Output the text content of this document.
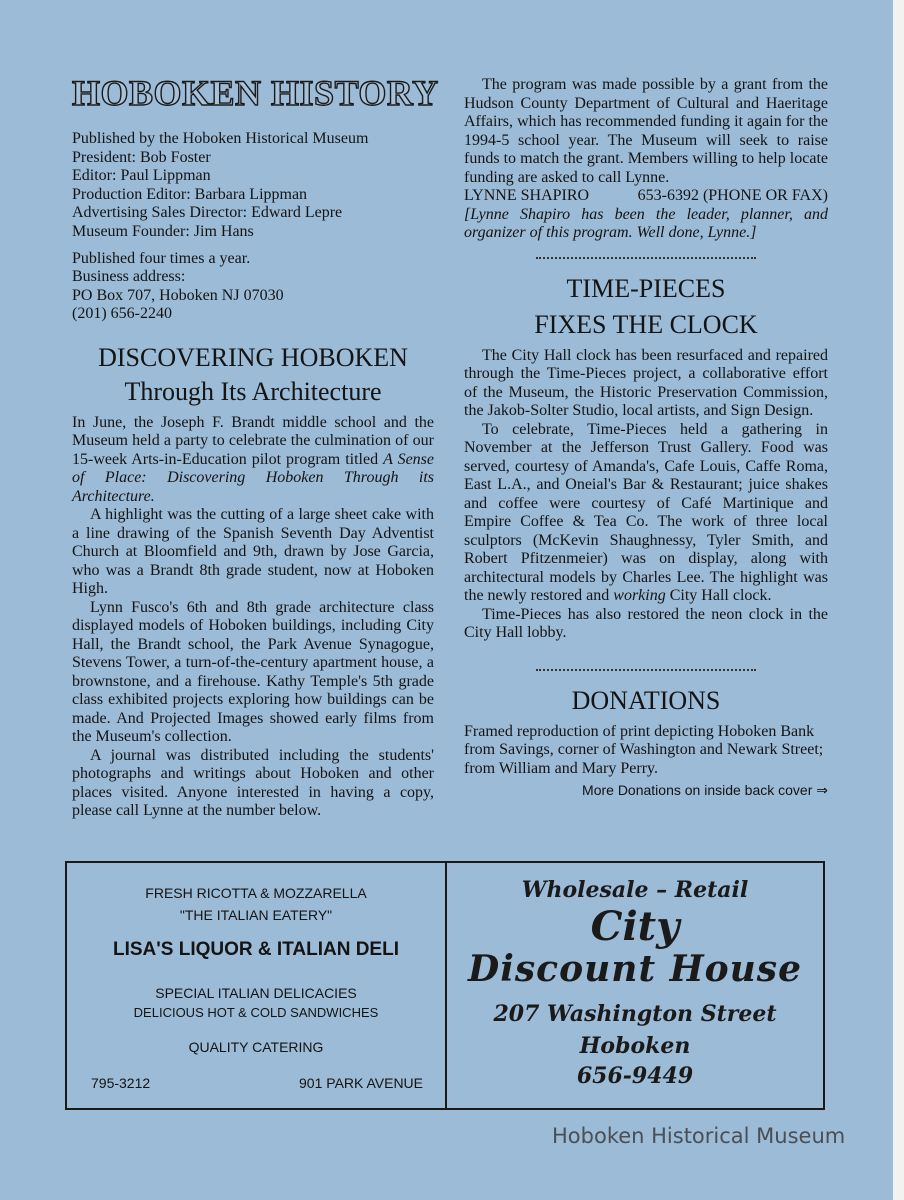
HOBOKEN HISTORY
Published by the Hoboken Historical Museum
President: Bob Foster
Editor: Paul Lippman
Production Editor: Barbara Lippman
Advertising Sales Director: Edward Lepre
Museum Founder: Jim Hans
Published four times a year.
Business address:
PO Box 707, Hoboken NJ 07030
(201) 656-2240
DISCOVERING HOBOKEN
Through Its Architecture

In June, the Joseph F. Brandt middle school and the Museum held a party to celebrate the culmination of our 15-week Arts-in-Education pilot program titled A Sense of Place: Discovering Hoboken Through its Architecture.

A highlight was the cutting of a large sheet cake with a line drawing of the Spanish Seventh Day Adventist Church at Bloomfield and 9th, drawn by Jose Garcia, who was a Brandt 8th grade student, now at Hoboken High.

Lynn Fusco's 6th and 8th grade architecture class displayed models of Hoboken buildings, including City Hall, the Brandt school, the Park Avenue Synagogue, Stevens Tower, a turn-of-the-century apartment house, a brownstone, and a firehouse. Kathy Temple's 5th grade class exhibited projects exploring how buildings can be made. And Projected Images showed early films from the Museum's collection.

A journal was distributed including the students' photographs and writings about Hoboken and other places visited. Anyone interested in having a copy, please call Lynne at the number below.

The program was made possible by a grant from the Hudson County Department of Cultural and Haeritage Affairs, which has recommended funding it again for the 1994-5 school year. The Museum will seek to raise funds to match the grant. Members willing to help locate funding are asked to call Lynne.

LYNNE SHAPIRO	653-6392 (PHONE OR FAX)

[Lynne Shapiro has been the leader, planner, and organizer of this program. Well done, Lynne.]

TIME-PIECES
FIXES THE CLOCK

The City Hall clock has been resurfaced and repaired through the Time-Pieces project, a collaborative effort of the Museum, the Historic Preservation Commission, the Jakob-Solter Studio, local artists, and Sign Design.

To celebrate, Time-Pieces held a gathering in November at the Jefferson Trust Gallery. Food was served, courtesy of Amanda's, Cafe Louis, Caffe Roma, East L.A., and Oneial's Bar & Restaurant; juice shakes and coffee were courtesy of Café Martinique and Empire Coffee & Tea Co. The work of three local sculptors (McKevin Shaughnessy, Tyler Smith, and Robert Pfitzenmeier) was on display, along with architectural models by Charles Lee. The highlight was the newly restored and working City Hall clock.

Time-Pieces has also restored the neon clock in the City Hall lobby.

DONATIONS

Framed reproduction of print depicting Hoboken Bank from Savings, corner of Washington and Newark Street; from William and Mary Perry.

More Donations on inside back cover ⇒
FRESH RICOTTA & MOZZARELLA
"THE ITALIAN EATERY"
LISA'S LIQUOR & ITALIAN DELI
SPECIAL ITALIAN DELICACIES
DELICIOUS HOT & COLD SANDWICHES
QUALITY CATERING
795-3212	901 PARK AVENUE
Wholesale – Retail
City
Discount House
207 Washington Street
Hoboken
656-9449
Hoboken Historical Museum
